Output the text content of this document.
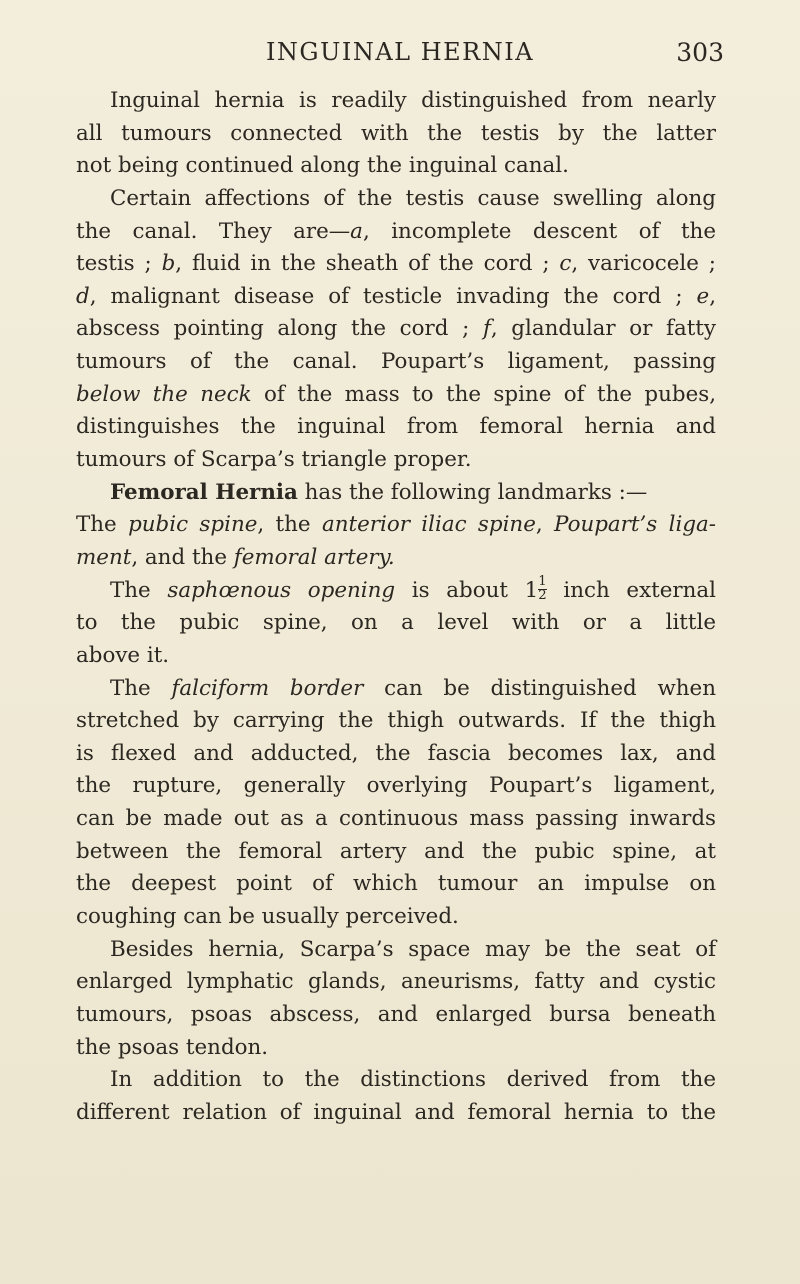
INGUINAL HERNIA	303
Inguinal hernia is readily distinguished from nearly
all tumours connected with the testis by the latter
not being continued along the inguinal canal.
Certain affections of the testis cause swelling along
the canal. They are—a, incomplete descent of the
testis ; b, fluid in the sheath of the cord ; c, varicocele ;
d, malignant disease of testicle invading the cord ; e,
abscess pointing along the cord ; f, glandular or fatty
tumours of the canal. Poupart’s ligament, passing
below the neck of the mass to the spine of the pubes,
distinguishes the inguinal from femoral hernia and
tumours of Scarpa’s triangle proper.
Femoral Hernia has the following landmarks :—
The pubic spine, the anterior iliac spine, Poupart’s liga-
ment, and the femoral artery.
The saphœnous opening is about $1 \frac{1}{2}$ inch external
to the pubic spine, on a level with or a little
above it.
The falciform border can be distinguished when
stretched by carrying the thigh outwards. If the thigh
is flexed and adducted, the fascia becomes lax, and
the rupture, generally overlying Poupart’s ligament,
can be made out as a continuous mass passing inwards
between the femoral artery and the pubic spine, at
the deepest point of which tumour an impulse on
coughing can be usually perceived.
Besides hernia, Scarpa’s space may be the seat of
enlarged lymphatic glands, aneurisms, fatty and cystic
tumours, psoas abscess, and enlarged bursa beneath
the psoas tendon.
In addition to the distinctions derived from the
different relation of inguinal and femoral hernia to the
